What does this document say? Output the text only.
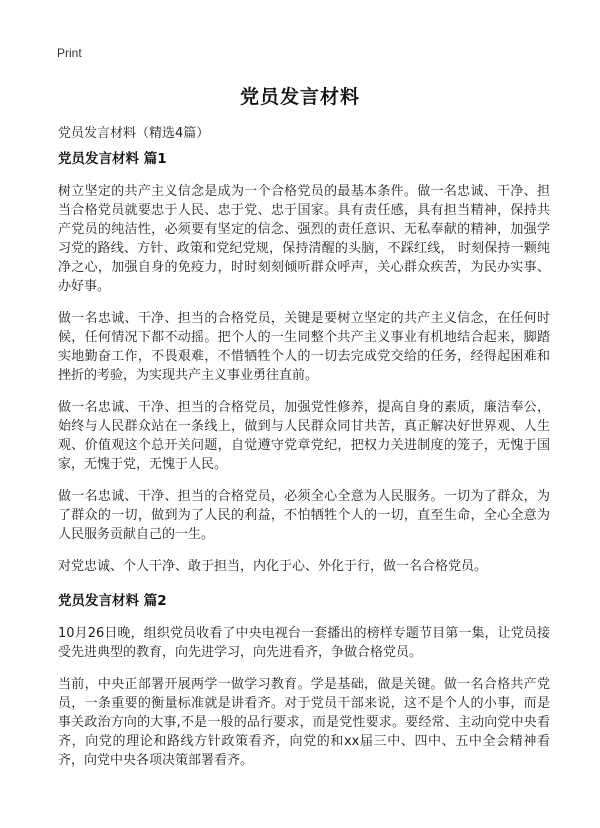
Print
党员发言材料
党员发言材料（精选4篇）
党员发言材料 篇1

树立坚定的共产主义信念是成为一个合格党员的最基本条件。做一名忠诚、干净、担当合格党员就要忠于人民、忠于党、忠于国家。具有责任感，具有担当精神，保持共产党员的纯洁性，必须要有坚定的信念、强烈的责任意识、无私奉献的精神，加强学习党的路线、方针、政策和党纪党规，保持清醒的头脑，不踩红线， 时刻保持一颗纯净之心，加强自身的免疫力，时时刻刻倾听群众呼声，关心群众疾苦，为民办实事、办好事。

做一名忠诚、干净、担当的合格党员，关键是要树立坚定的共产主义信念，在任何时候，任何情况下都不动摇。把个人的一生同整个共产主义事业有机地结合起来，脚踏实地勤奋工作，不畏艰难，不惜牺牲个人的一切去完成党交给的任务，经得起困难和挫折的考验，为实现共产主义事业勇往直前。

做一名忠诚、干净、担当的合格党员，加强党性修养，提高自身的素质，廉洁奉公，始终与人民群众站在一条线上，做到与人民群众同甘共苦，真正解决好世界观、人生观、价值观这个总开关问题，自觉遵守党章党纪，把权力关进制度的笼子，无愧于国家，无愧于党，无愧于人民。

做一名忠诚、干净、担当的合格党员，必须全心全意为人民服务。一切为了群众，为了群众的一切，做到为了人民的利益，不怕牺牲个人的一切，直至生命，全心全意为人民服务贡献自己的一生。

对党忠诚、个人干净、敢于担当，内化于心、外化于行，做一名合格党员。

党员发言材料 篇2

10月26日晚，组织党员收看了中央电视台一套播出的榜样专题节目第一集，让党员接受先进典型的教育，向先进学习，向先进看齐，争做合格党员。

当前，中央正部署开展两学一做学习教育。学是基础，做是关键。做一名合格共产党员，一条重要的衡量标准就是讲看齐。对于党员干部来说，这不是个人的小事，而是事关政治方向的大事,不是一般的品行要求，而是党性要求。要经常、主动向党中央看齐，向党的理论和路线方针政策看齐，向党的和xx届三中、四中、五中全会精神看齐，向党中央各项决策部署看齐。
